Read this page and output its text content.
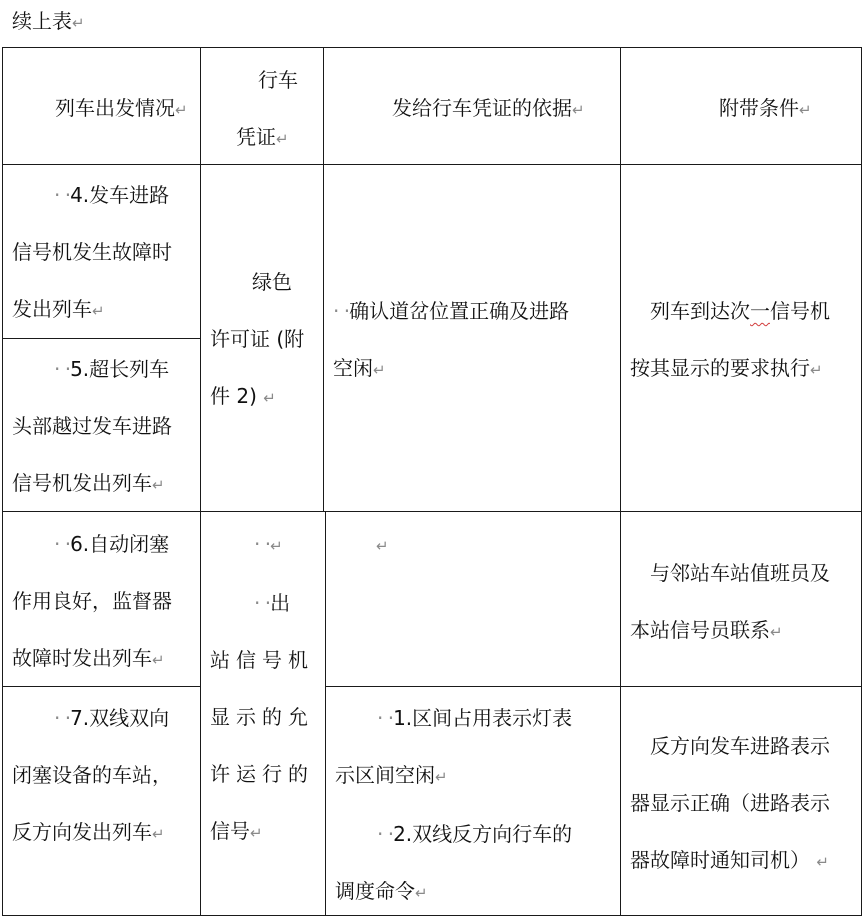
续上表↵
列车出发情况↵
行车
凭证↵
发给行车凭证的依据↵	附带条件↵
· ·4.发车进路
信号机发生故障时
发出列车↵
· ·5.超长列车
头部越过发车进路
信号机发出列车↵
绿色
许可证 (附
件 2) ↵
· ·确认道岔位置正确及进路
空闲↵
列车到达次一信号机
按其显示的要求执行↵
· ·6.自动闭塞
作用良好，监督器
故障时发出列车↵
· ·↵
· ·出
站信号机
显示的允
许运行的
信号↵
↵
与邻站车站值班员及
本站信号员联系↵
· ·7.双线双向
闭塞设备的车站，
反方向发出列车↵
· ·1.区间占用表示灯表
示区间空闲↵
· ·2.双线反方向行车的
调度命令↵
反方向发车进路表示
器显示正确（进路表示
器故障时通知司机） ↵
